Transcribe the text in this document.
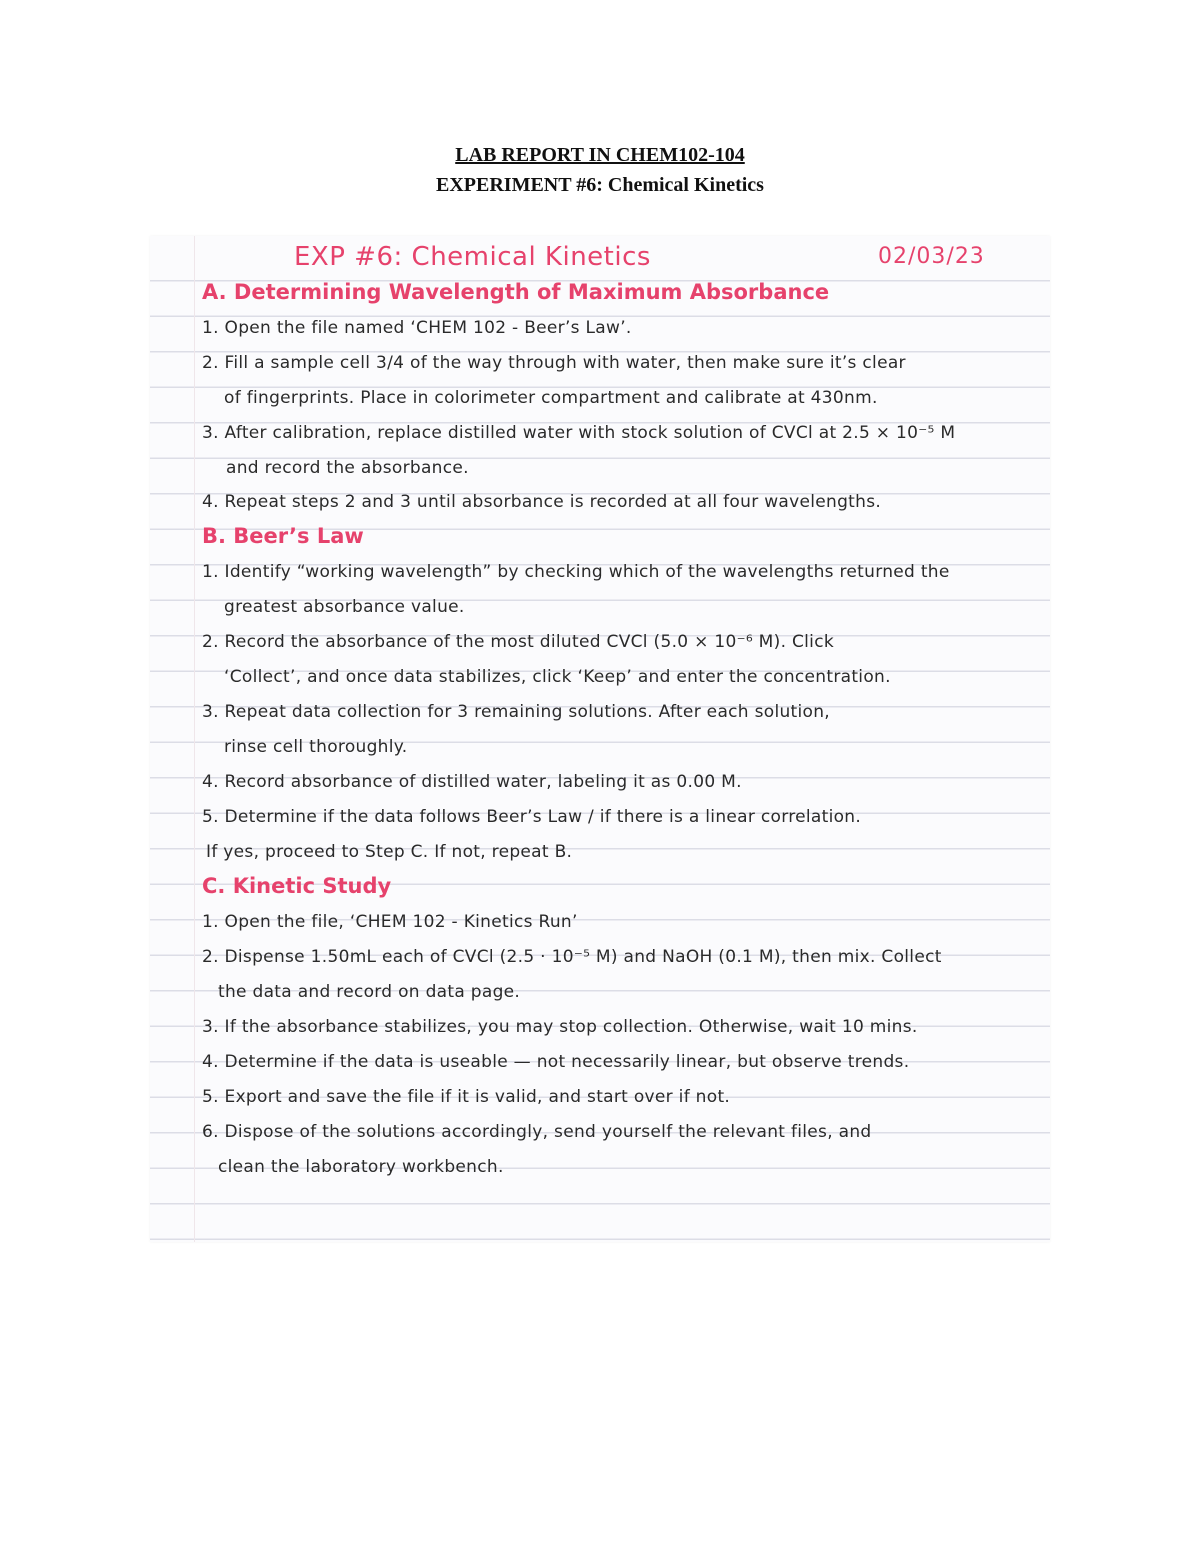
LAB REPORT IN CHEM102-104
EXPERIMENT #6: Chemical Kinetics
EXP #6: Chemical Kinetics	02/03/23
A. Determining Wavelength of Maximum Absorbance
1. Open the file named ‘CHEM 102 - Beer’s Law’.
2. Fill a sample cell 3/4 of the way through with water, then make sure it’s clear
of fingerprints. Place in colorimeter compartment and calibrate at 430nm.
3. After calibration, replace distilled water with stock solution of CVCl at 2.5 × 10⁻⁵ M
and record the absorbance.
4. Repeat steps 2 and 3 until absorbance is recorded at all four wavelengths.
B. Beer’s Law
1. Identify “working wavelength” by checking which of the wavelengths returned the
greatest absorbance value.
2. Record the absorbance of the most diluted CVCl (5.0 × 10⁻⁶ M). Click
‘Collect’, and once data stabilizes, click ‘Keep’ and enter the concentration.
3. Repeat data collection for 3 remaining solutions. After each solution,
rinse cell thoroughly.
4. Record absorbance of distilled water, labeling it as 0.00 M.
5. Determine if the data follows Beer’s Law / if there is a linear correlation.
If yes, proceed to Step C. If not, repeat B.
C. Kinetic Study
1. Open the file, ‘CHEM 102 - Kinetics Run’
2. Dispense 1.50mL each of CVCl (2.5 · 10⁻⁵ M) and NaOH (0.1 M), then mix. Collect
the data and record on data page.
3. If the absorbance stabilizes, you may stop collection. Otherwise, wait 10 mins.
4. Determine if the data is useable — not necessarily linear, but observe trends.
5. Export and save the file if it is valid, and start over if not.
6. Dispose of the solutions accordingly, send yourself the relevant files, and
clean the laboratory workbench.
